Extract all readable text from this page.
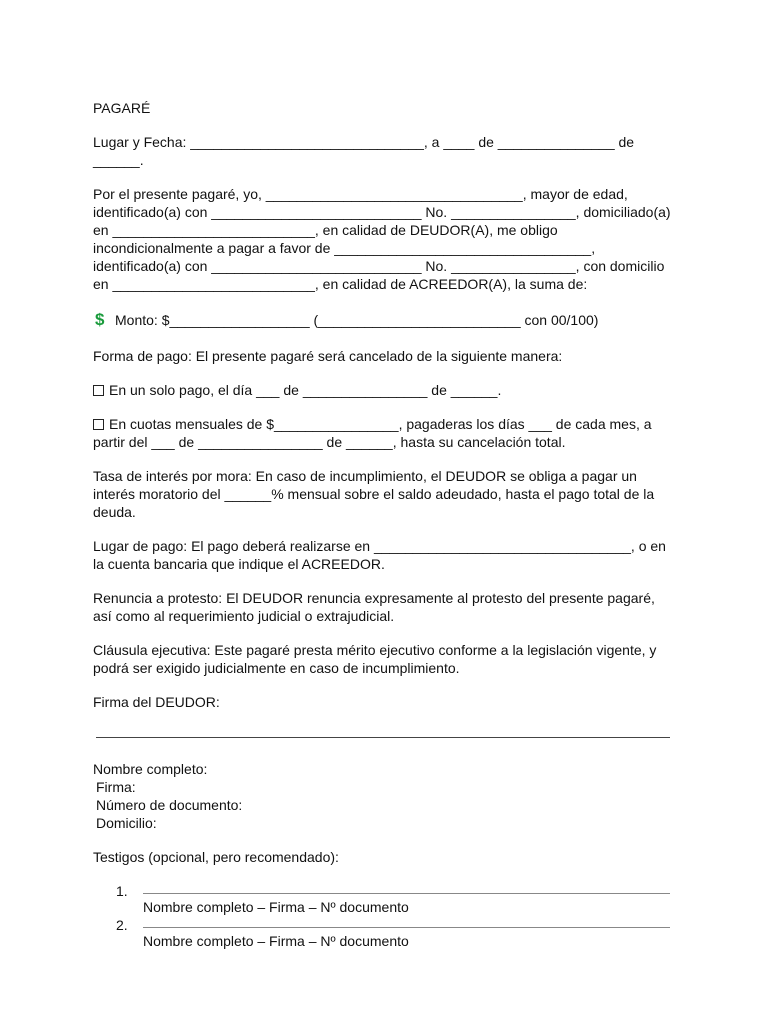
PAGARÉ

Lugar y Fecha: ______________________________, a ____ de _______________ de ______.

Por el presente pagaré, yo, _________________________________, mayor de edad, identificado(a) con ___________________________ No. ________________, domiciliado(a) en __________________________, en calidad de DEUDOR(A), me obligo incondicionalmente a pagar a favor de _________________________________, identificado(a) con ___________________________ No. ________________, con domicilio en __________________________, en calidad de ACREEDOR(A), la suma de:

$ Monto: $__________________ (__________________________ con 00/100)

Forma de pago: El presente pagaré será cancelado de la siguiente manera:

En un solo pago, el día ___ de ________________ de ______.

En cuotas mensuales de $________________, pagaderas los días ___ de cada mes, a partir del ___ de ________________ de ______, hasta su cancelación total.

Tasa de interés por mora: En caso de incumplimiento, el DEUDOR se obliga a pagar un interés moratorio del ______% mensual sobre el saldo adeudado, hasta el pago total de la deuda.

Lugar de pago: El pago deberá realizarse en _________________________________, o en la cuenta bancaria que indique el ACREEDOR.

Renuncia a protesto: El DEUDOR renuncia expresamente al protesto del presente pagaré, así como al requerimiento judicial o extrajudicial.

Cláusula ejecutiva: Este pagaré presta mérito ejecutivo conforme a la legislación vigente, y podrá ser exigido judicialmente en caso de incumplimiento.

Firma del DEUDOR:

Nombre completo:

Firma:

Número de documento:

Domicilio:

Testigos (opcional, pero recomendado):

1.
Nombre completo – Firma – Nº documento
2.
Nombre completo – Firma – Nº documento
